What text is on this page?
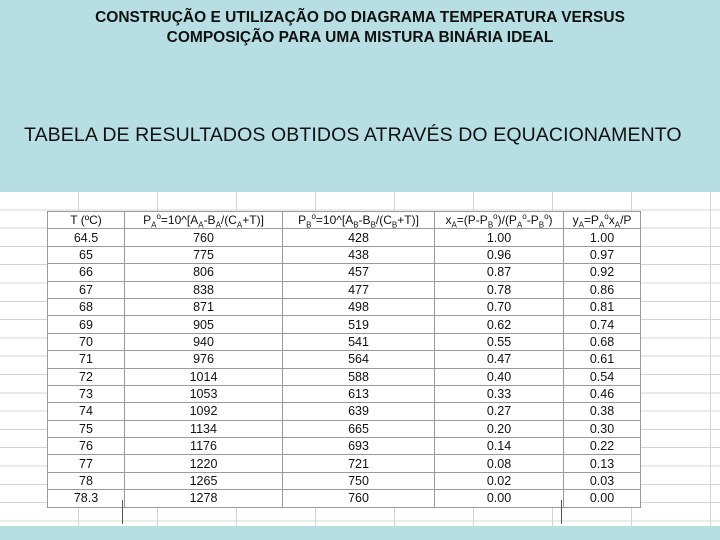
CONSTRUÇÃO E UTILIZAÇÃO DO DIAGRAMA TEMPERATURA VERSUS
COMPOSIÇÃO PARA UMA MISTURA BINÁRIA IDEAL
TABELA DE RESULTADOS OBTIDOS ATRAVÉS DO EQUACIONAMENTO
T (ºC)	$P_A^o=10\^{}[A_A-B_A/(C_A+T)]$	$P_B^o=10\^{}[A_B-B_B/(C_B+T)]$	$x_A=(P-P_B^o)/(P_A^o-P_B^o)$	$y_A=P_A^ox_A/P$
64.5	760	428	1.00	1.00
65	775	438	0.96	0.97
66	806	457	0.87	0.92
67	838	477	0.78	0.86
68	871	498	0.70	0.81
69	905	519	0.62	0.74
70	940	541	0.55	0.68
71	976	564	0.47	0.61
72	1014	588	0.40	0.54
73	1053	613	0.33	0.46
74	1092	639	0.27	0.38
75	1134	665	0.20	0.30
76	1176	693	0.14	0.22
77	1220	721	0.08	0.13
78	1265	750	0.02	0.03
78.3	1278	760	0.00	0.00
